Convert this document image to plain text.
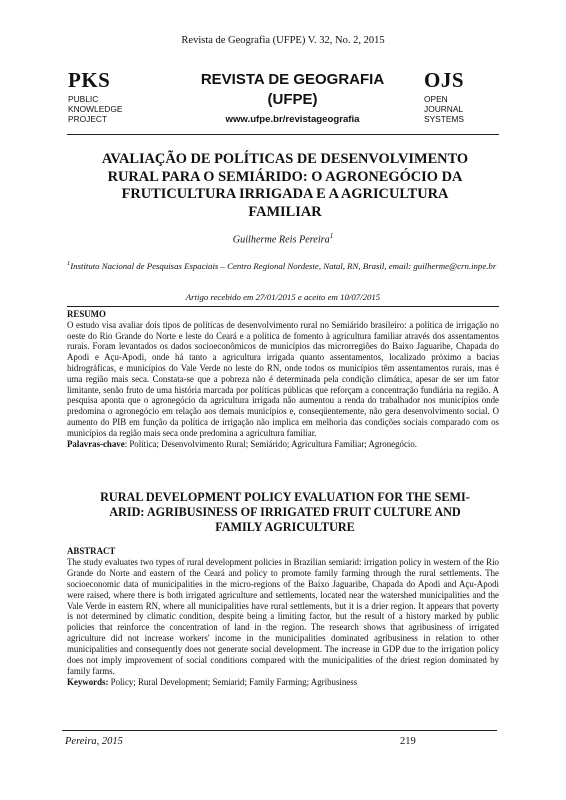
Revista de Geografia (UFPE) V. 32, No. 2, 2015
PKS
PUBLIC
KNOWLEDGE
PROJECT
REVISTA DE GEOGRAFIA
(UFPE)
www.ufpe.br/revistageografia
OJS
OPEN
JOURNAL
SYSTEMS
AVALIAÇÃO DE POLÍTICAS DE DESENVOLVIMENTO
RURAL PARA O SEMIÁRIDO: O AGRONEGÓCIO DA
FRUTICULTURA IRRIGADA E A AGRICULTURA
FAMILIAR
Guilherme Reis Pereira$^1$
$^1$Instituto Nacional de Pesquisas Espaciais – Centro Regional Nordeste, Natal, RN, Brasil, email: guilherme@crn.inpe.br
Artigo recebido em 27/01/2015 e aceito em 10/07/2015
RESUMO
O estudo visa avaliar dois tipos de políticas de desenvolvimento rural no Semiárido brasileiro: a política de irrigação no oeste do Rio Grande do Norte e leste do Ceará e a política de fomento à agricultura familiar através dos assentamentos rurais. Foram levantados os dados socioeconômicos de municípios das microrregiões do Baixo Jaguaribe, Chapada do Apodi e Açu-Apodi, onde há tanto a agricultura irrigada quanto assentamentos, localizado próximo a bacias hidrográficas, e municípios do Vale Verde no leste do RN, onde todos os municípios têm assentamentos rurais, mas é uma região mais seca. Constata-se que a pobreza não é determinada pela condição climática, apesar de ser um fator limitante, senão fruto de uma história marcada por políticas públicas que reforçam a concentração fundiária na região. A pesquisa aponta que o agronegócio da agricultura irrigada não aumentou a renda do trabalhador nos municípios onde predomina o agronegócio em relação aos demais municípios e, conseqüentemente, não gera desenvolvimento social. O aumento do PIB em função da política de irrigação não implica em melhoria das condições sociais comparado com os municípios da região mais seca onde predomina a agricultura familiar.
Palavras-chave: Política; Desenvolvimento Rural; Semiárido; Agricultura Familiar; Agronegócio.
RURAL DEVELOPMENT POLICY EVALUATION FOR THE SEMI-
ARID: AGRIBUSINESS OF IRRIGATED FRUIT CULTURE AND
FAMILY AGRICULTURE
ABSTRACT
The study evaluates two types of rural development policies in Brazilian semiarid: irrigation policy in western of the Rio Grande do Norte and eastern of the Ceará and policy to promote family farming through the rural settlements. The socioeconomic data of municipalities in the micro-regions of the Baixo Jaguaribe, Chapada do Apodi and Açu-Apodi were raised, where there is both irrigated agriculture and settlements, located near the watershed municipalities and the Vale Verde in eastern RN, where all municipalities have rural settlements, but it is a drier region. It appears that poverty is not determined by climatic condition, despite being a limiting factor, but the result of a history marked by public policies that reinforce the concentration of land in the region. The research shows that agribusiness of irrigated agriculture did not increase workers' income in the municipalities dominated agribusiness in relation to other municipalities and consequently does not generate social development. The increase in GDP due to the irrigation policy does not imply improvement of social conditions compared with the municipalities of the driest region dominated by family farms.
Keywords: Policy; Rural Development; Semiarid; Family Farming; Agribusiness
Pereira, 2015	219
